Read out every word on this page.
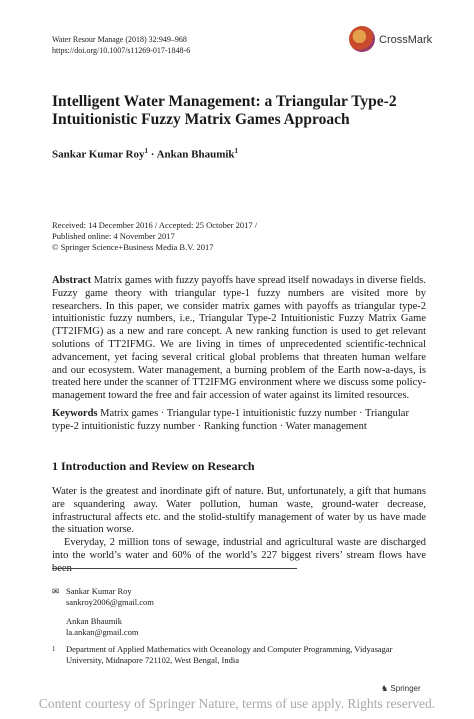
Water Resour Manage (2018) 32:949–968
https://doi.org/10.1007/s11269-017-1848-6
CrossMark
Intelligent Water Management: a Triangular Type-2 Intuitionistic Fuzzy Matrix Games Approach
Sankar Kumar Roy$^1$ · Ankan Bhaumik$^1$
Received: 14 December 2016 / Accepted: 25 October 2017 /
Published online: 4 November 2017
© Springer Science+Business Media B.V. 2017
Abstract Matrix games with fuzzy payoffs have spread itself nowadays in diverse fields. Fuzzy game theory with triangular type-1 fuzzy numbers are visited more by researchers. In this paper, we consider matrix games with payoffs as triangular type-2 intuitionistic fuzzy numbers, i.e., Triangular Type-2 Intuitionistic Fuzzy Matrix Game (TT2IFMG) as a new and rare concept. A new ranking function is used to get relevant solutions of TT2IFMG. We are living in times of unprecedented scientific-technical advancement, yet facing several critical global problems that threaten human welfare and our ecosystem. Water management, a burning problem of the Earth now-a-days, is treated here under the scanner of TT2IFMG environment where we discuss some policy-management toward the free and fair accession of water against its limited resources.
Keywords Matrix games · Triangular type-1 intuitionistic fuzzy number · Triangular type-2 intuitionistic fuzzy number · Ranking function · Water management
1 Introduction and Review on Research

Water is the greatest and inordinate gift of nature. But, unfortunately, a gift that humans are squandering away. Water pollution, human waste, ground-water decrease, infrastructural affects etc. and the stolid-stultify management of water by us have made the situation worse.

Everyday, 2 million tons of sewage, industrial and agricultural waste are discharged into the world’s water and 60% of the world’s 227 biggest rivers’ stream flows have been

✉ Sankar Kumar Roy
sankroy2006@gmail.com
Ankan Bhaumik
la.ankan@gmail.com
1 Department of Applied Mathematics with Oceanology and Computer Programming, Vidyasagar University, Midnapore 721102, West Bengal, India
♞ Springer
Content courtesy of Springer Nature, terms of use apply. Rights reserved.
